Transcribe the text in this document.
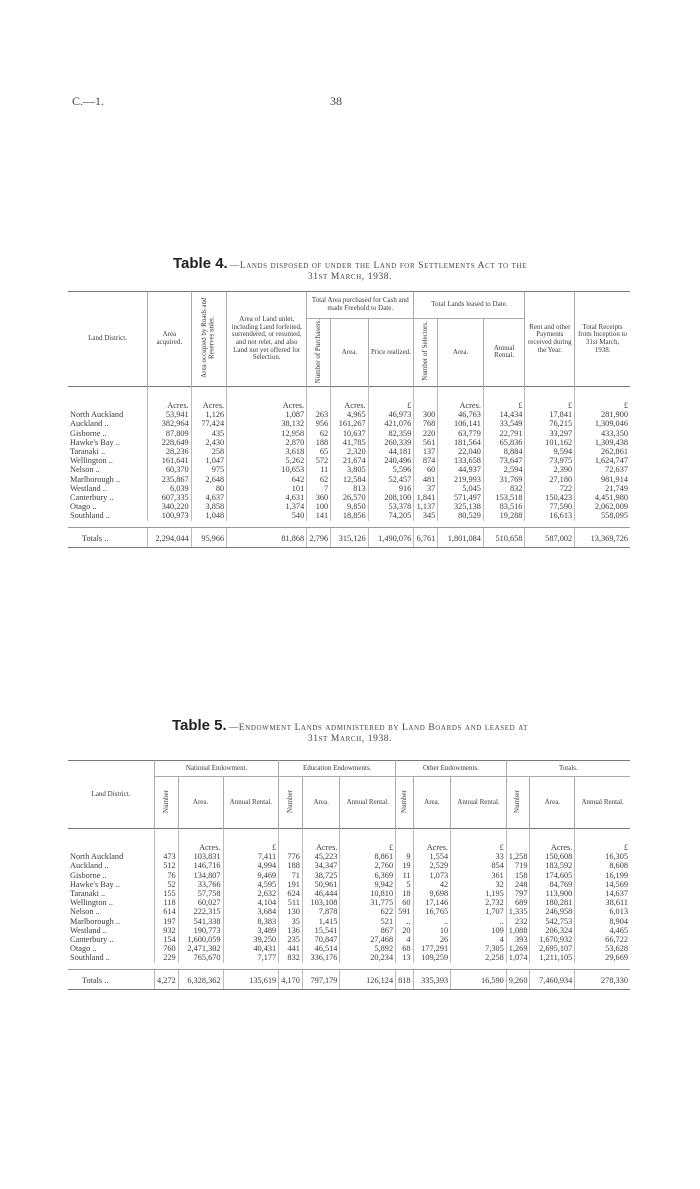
C.—1.	38
Table 4. —Lands disposed of under the Land for Settlements Act to the
31st March, 1938.
Land District.	Area acquired.	Area occupied by Roads and Reserves unlet.	Area of Land unlet, including Land forfeited, surrendered, or resumed, and not relet, and also Land not yet offered for Selection.	Total Area purchased for Cash and made Freehold to Date.			Total Lands leased to Date.			Rent and other Payments received during the Year.	Total Receipts from Inception to 31st March, 1938.
				Number of Purchasers.	Area.	Price realized.	Number of Selectors.	Area.	Annual Rental.		
	Acres.	Acres.	Acres.		Acres.	£		Acres.	£	£	£
North Auckland	53,941	1,126	1,087	263	4,965	46,973	300	46,763	14,434	17,841	281,900
Auckland ..	382,964	77,424	38,132	956	161,267	421,076	768	106,141	33,549	76,215	1,309,046
Gisborne ..	87,809	435	12,958	62	10,637	82,359	220	63,779	22,791	33,297	433,350
Hawke's Bay ..	228,649	2,430	2,870	188	41,785	260,339	561	181,564	65,836	101,162	1,309,438
Taranaki ..	28,236	258	3,618	65	2,320	44,181	137	22,040	8,884	9,594	262,861
Wellington ..	161,641	1,047	5,262	572	21,674	240,496	874	133,658	73,647	73,975	1,624,747
Nelson ..	60,370	975	10,653	11	3,805	5,596	60	44,937	2,594	2,390	72,637
Marlborough ..	235,867	2,648	642	62	12,584	52,457	481	219,993	31,769	27,180	981,914
Westland ..	6,039	80	101	7	813	916	37	5,045	832	722	21,749
Canterbury ..	607,335	4,637	4,631	360	26,570	208,100	1,841	571,497	153,518	150,423	4,451,980
Otago ..	340,220	3,858	1,374	100	9,850	53,378	1,137	325,138	83,516	77,590	2,062,009
Southland ..	100,973	1,048	540	141	18,856	74,205	345	80,529	19,288	16,613	558,095

Totals ..	2,294,044	95,966	81,868	2,796	315,126	1,490,076	6,761	1,801,084	510,658	587,002	13,369,726
Table 5. —Endowment Lands administered by Land Boards and leased at
31st March, 1938.
Land District.	National Endowment.			Education Endowments.			Other Endowments.			Totals.		
	Number	Area.	Annual Rental.	Number	Area.	Annual Rental.	Number	Area.	Annual Rental.	Number	Area.	Annual Rental.
		Acres.	£		Acres.	£		Acres.	£		Acres.	£
North Auckland	473	103,831	7,411	776	45,223	8,861	9	1,554	33	1,258	150,608	16,305
Auckland ..	512	146,716	4,994	188	34,347	2,760	19	2,529	854	719	183,592	8,608
Gisborne ..	76	134,807	9,469	71	38,725	6,369	11	1,073	361	158	174,605	16,199
Hawke's Bay ..	52	33,766	4,595	191	50,961	9,942	5	42	32	248	84,769	14,569
Taranaki ..	155	57,758	2,632	624	46,444	10,810	18	9,698	1,195	797	113,900	14,637
Wellington ..	118	60,027	4,104	511	103,108	31,775	60	17,146	2,732	689	180,281	38,611
Nelson ..	614	222,315	3,684	130	7,878	622	591	16,765	1,707	1,335	246,958	6,013
Marlborough ..	197	541,338	8,383	35	1,415	521	..	..	..	232	542,753	8,904
Westland ..	932	190,773	3,489	136	15,541	867	20	10	109	1,088	206,324	4,465
Canterbury ..	154	1,600,059	39,250	235	70,847	27,468	4	26	4	393	1,670,932	66,722
Otago ..	760	2,471,302	40,431	441	46,514	5,892	68	177,291	7,305	1,269	2,695,107	53,628
Southland ..	229	765,670	7,177	832	336,176	20,234	13	109,259	2,258	1,074	1,211,105	29,669

Totals ..	4,272	6,328,362	135,619	4,170	797,179	126,124	818	335,393	16,590	9,260	7,460,934	278,330
